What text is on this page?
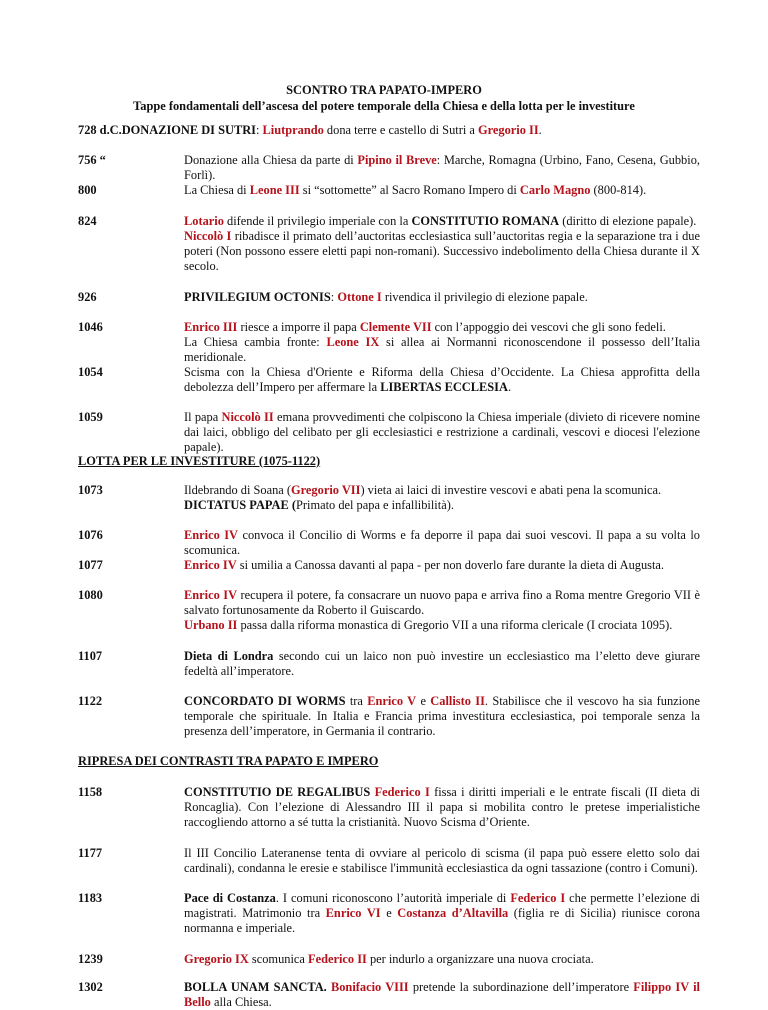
SCONTRO TRA PAPATO-IMPERO
Tappe fondamentali dell’ascesa del potere temporale della Chiesa e della lotta per le investiture
728 d.C.DONAZIONE DI SUTRI: Liutprando dona terre e castello di Sutri a Gregorio II.
756 “	Donazione alla Chiesa da parte di Pipino il Breve: Marche, Romagna (Urbino, Fano, Cesena, Gubbio, Forlì).
800	La Chiesa di Leone III si “sottomette” al Sacro Romano Impero di Carlo Magno (800-814).
824	Lotario difende il privilegio imperiale con la CONSTITUTIO ROMANA (diritto di elezione papale).
Niccolò I ribadisce il primato dell’auctoritas ecclesiastica sull’auctoritas regia e la separazione tra i due poteri (Non possono essere eletti papi non-romani). Successivo indebolimento della Chiesa durante il X secolo.
926	PRIVILEGIUM OCTONIS: Ottone I rivendica il privilegio di elezione papale.
1046	Enrico III riesce a imporre il papa Clemente VII con l’appoggio dei vescovi che gli sono fedeli.
La Chiesa cambia fronte: Leone IX si allea ai Normanni riconoscendone il possesso dell’Italia meridionale.
1054	Scisma con la Chiesa d'Oriente e Riforma della Chiesa d’Occidente. La Chiesa approfitta della debolezza dell’Impero per affermare la LIBERTAS ECCLESIA.
1059	Il papa Niccolò II emana provvedimenti che colpiscono la Chiesa imperiale (divieto di ricevere nomine dai laici, obbligo del celibato per gli ecclesiastici e restrizione a cardinali, vescovi e diocesi l'elezione papale).
LOTTA PER LE INVESTITURE (1075-1122)
1073	Ildebrando di Soana (Gregorio VII) vieta ai laici di investire vescovi e abati pena la scomunica.
DICTATUS PAPAE (Primato del papa e infallibilità).
1076	Enrico IV convoca il Concilio di Worms e fa deporre il papa dai suoi vescovi. Il papa a su volta lo scomunica.
1077	Enrico IV si umilia a Canossa davanti al papa - per non doverlo fare durante la dieta di Augusta.
1080	Enrico IV recupera il potere, fa consacrare un nuovo papa e arriva fino a Roma mentre Gregorio VII è salvato fortunosamente da Roberto il Guiscardo.
Urbano II passa dalla riforma monastica di Gregorio VII a una riforma clericale (I crociata 1095).
1107	Dieta di Londra secondo cui un laico non può investire un ecclesiastico ma l’eletto deve giurare fedeltà all’imperatore.
1122	CONCORDATO DI WORMS tra Enrico V e Callisto II. Stabilisce che il vescovo ha sia funzione temporale che spirituale. In Italia e Francia prima investitura ecclesiastica, poi temporale senza la presenza dell’imperatore, in Germania il contrario.
RIPRESA DEI CONTRASTI TRA PAPATO E IMPERO
1158	CONSTITUTIO DE REGALIBUS Federico I fissa i diritti imperiali e le entrate fiscali (II dieta di Roncaglia). Con l’elezione di Alessandro III il papa si mobilita contro le pretese imperialistiche raccogliendo attorno a sé tutta la cristianità. Nuovo Scisma d’Oriente.
1177	Il III Concilio Lateranense tenta di ovviare al pericolo di scisma (il papa può essere eletto solo dai cardinali), condanna le eresie e stabilisce l'immunità ecclesiastica da ogni tassazione (contro i Comuni).
1183	Pace di Costanza. I comuni riconoscono l’autorità imperiale di Federico I che permette l’elezione di magistrati. Matrimonio tra Enrico VI e Costanza d’Altavilla (figlia re di Sicilia) riunisce corona normanna e imperiale.
1239	Gregorio IX scomunica Federico II per indurlo a organizzare una nuova crociata.
1302	BOLLA UNAM SANCTA. Bonifacio VIII pretende la subordinazione dell’imperatore Filippo IV il Bello alla Chiesa.
